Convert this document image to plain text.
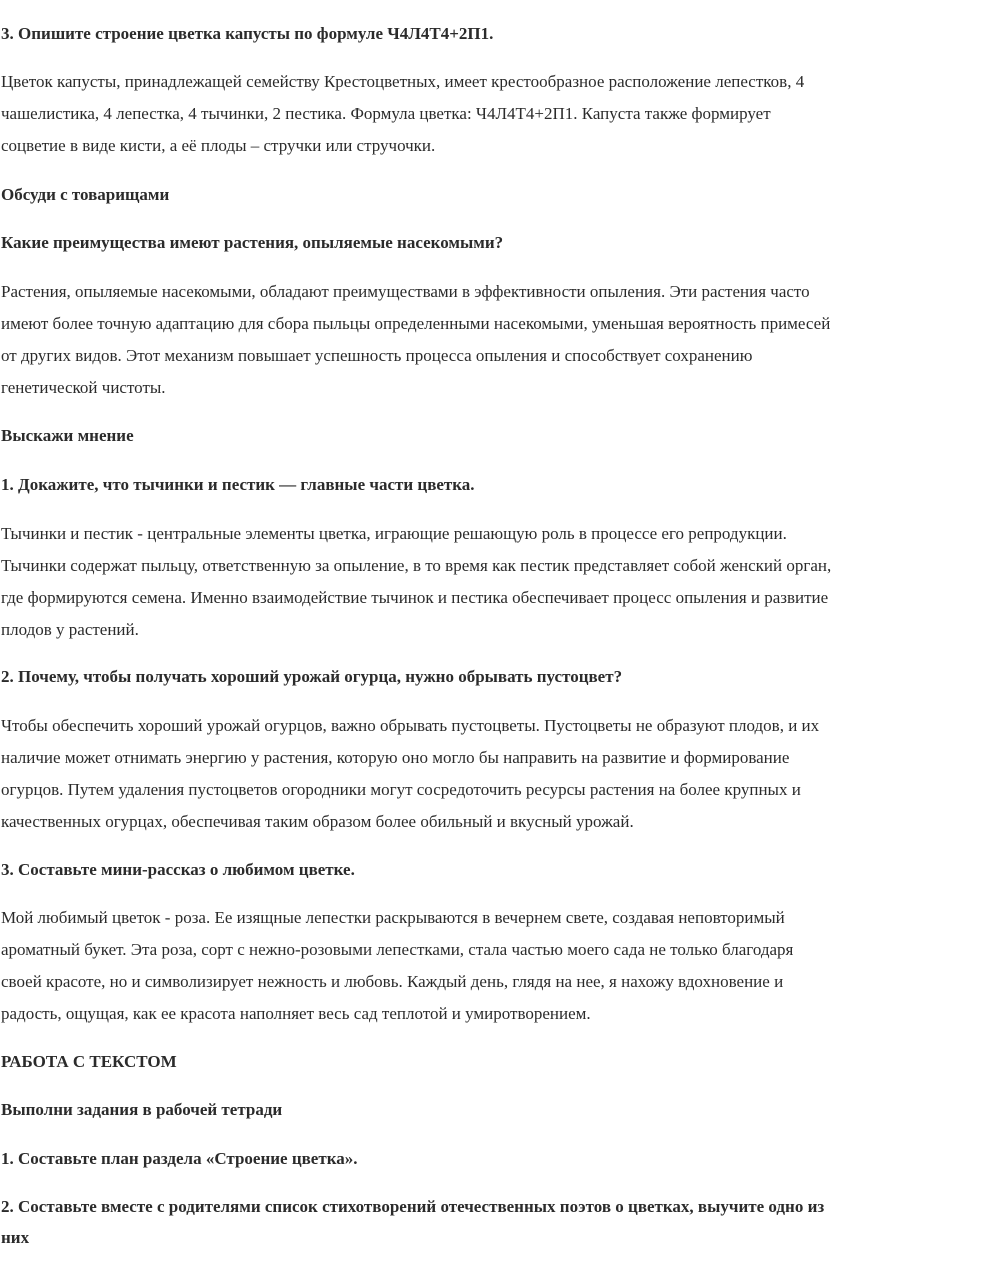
3. Опишите строение цветка капусты по формуле Ч4Л4Т4+2П1.
Цветок капусты, принадлежащей семейству Крестоцветных, имеет крестообразное расположение лепестков, 4
чашелистика, 4 лепестка, 4 тычинки, 2 пестика. Формула цветка: Ч4Л4Т4+2П1. Капуста также формирует
соцветие в виде кисти, а её плоды – стручки или стручочки.
Обсуди с товарищами
Какие преимущества имеют растения, опыляемые насекомыми?
Растения, опыляемые насекомыми, обладают преимуществами в эффективности опыления. Эти растения часто
имеют более точную адаптацию для сбора пыльцы определенными насекомыми, уменьшая вероятность примесей
от других видов. Этот механизм повышает успешность процесса опыления и способствует сохранению
генетической чистоты.
Выскажи мнение
1. Докажите, что тычинки и пестик — главные части цветка.
Тычинки и пестик - центральные элементы цветка, играющие решающую роль в процессе его репродукции.
Тычинки содержат пыльцу, ответственную за опыление, в то время как пестик представляет собой женский орган,
где формируются семена. Именно взаимодействие тычинок и пестика обеспечивает процесс опыления и развитие
плодов у растений.
2. Почему, чтобы получать хороший урожай огурца, нужно обрывать пустоцвет?
Чтобы обеспечить хороший урожай огурцов, важно обрывать пустоцветы. Пустоцветы не образуют плодов, и их
наличие может отнимать энергию у растения, которую оно могло бы направить на развитие и формирование
огурцов. Путем удаления пустоцветов огородники могут сосредоточить ресурсы растения на более крупных и
качественных огурцах, обеспечивая таким образом более обильный и вкусный урожай.
3. Составьте мини-рассказ о любимом цветке.
Мой любимый цветок - роза. Ее изящные лепестки раскрываются в вечернем свете, создавая неповторимый
ароматный букет. Эта роза, сорт с нежно-розовыми лепестками, стала частью моего сада не только благодаря
своей красоте, но и символизирует нежность и любовь. Каждый день, глядя на нее, я нахожу вдохновение и
радость, ощущая, как ее красота наполняет весь сад теплотой и умиротворением.
РАБОТА С ТЕКСТОМ
Выполни задания в рабочей тетради
1. Составьте план раздела «Строение цветка».
2. Составьте вместе с родителями список стихотворений отечественных поэтов о цветках, выучите одно из
них
